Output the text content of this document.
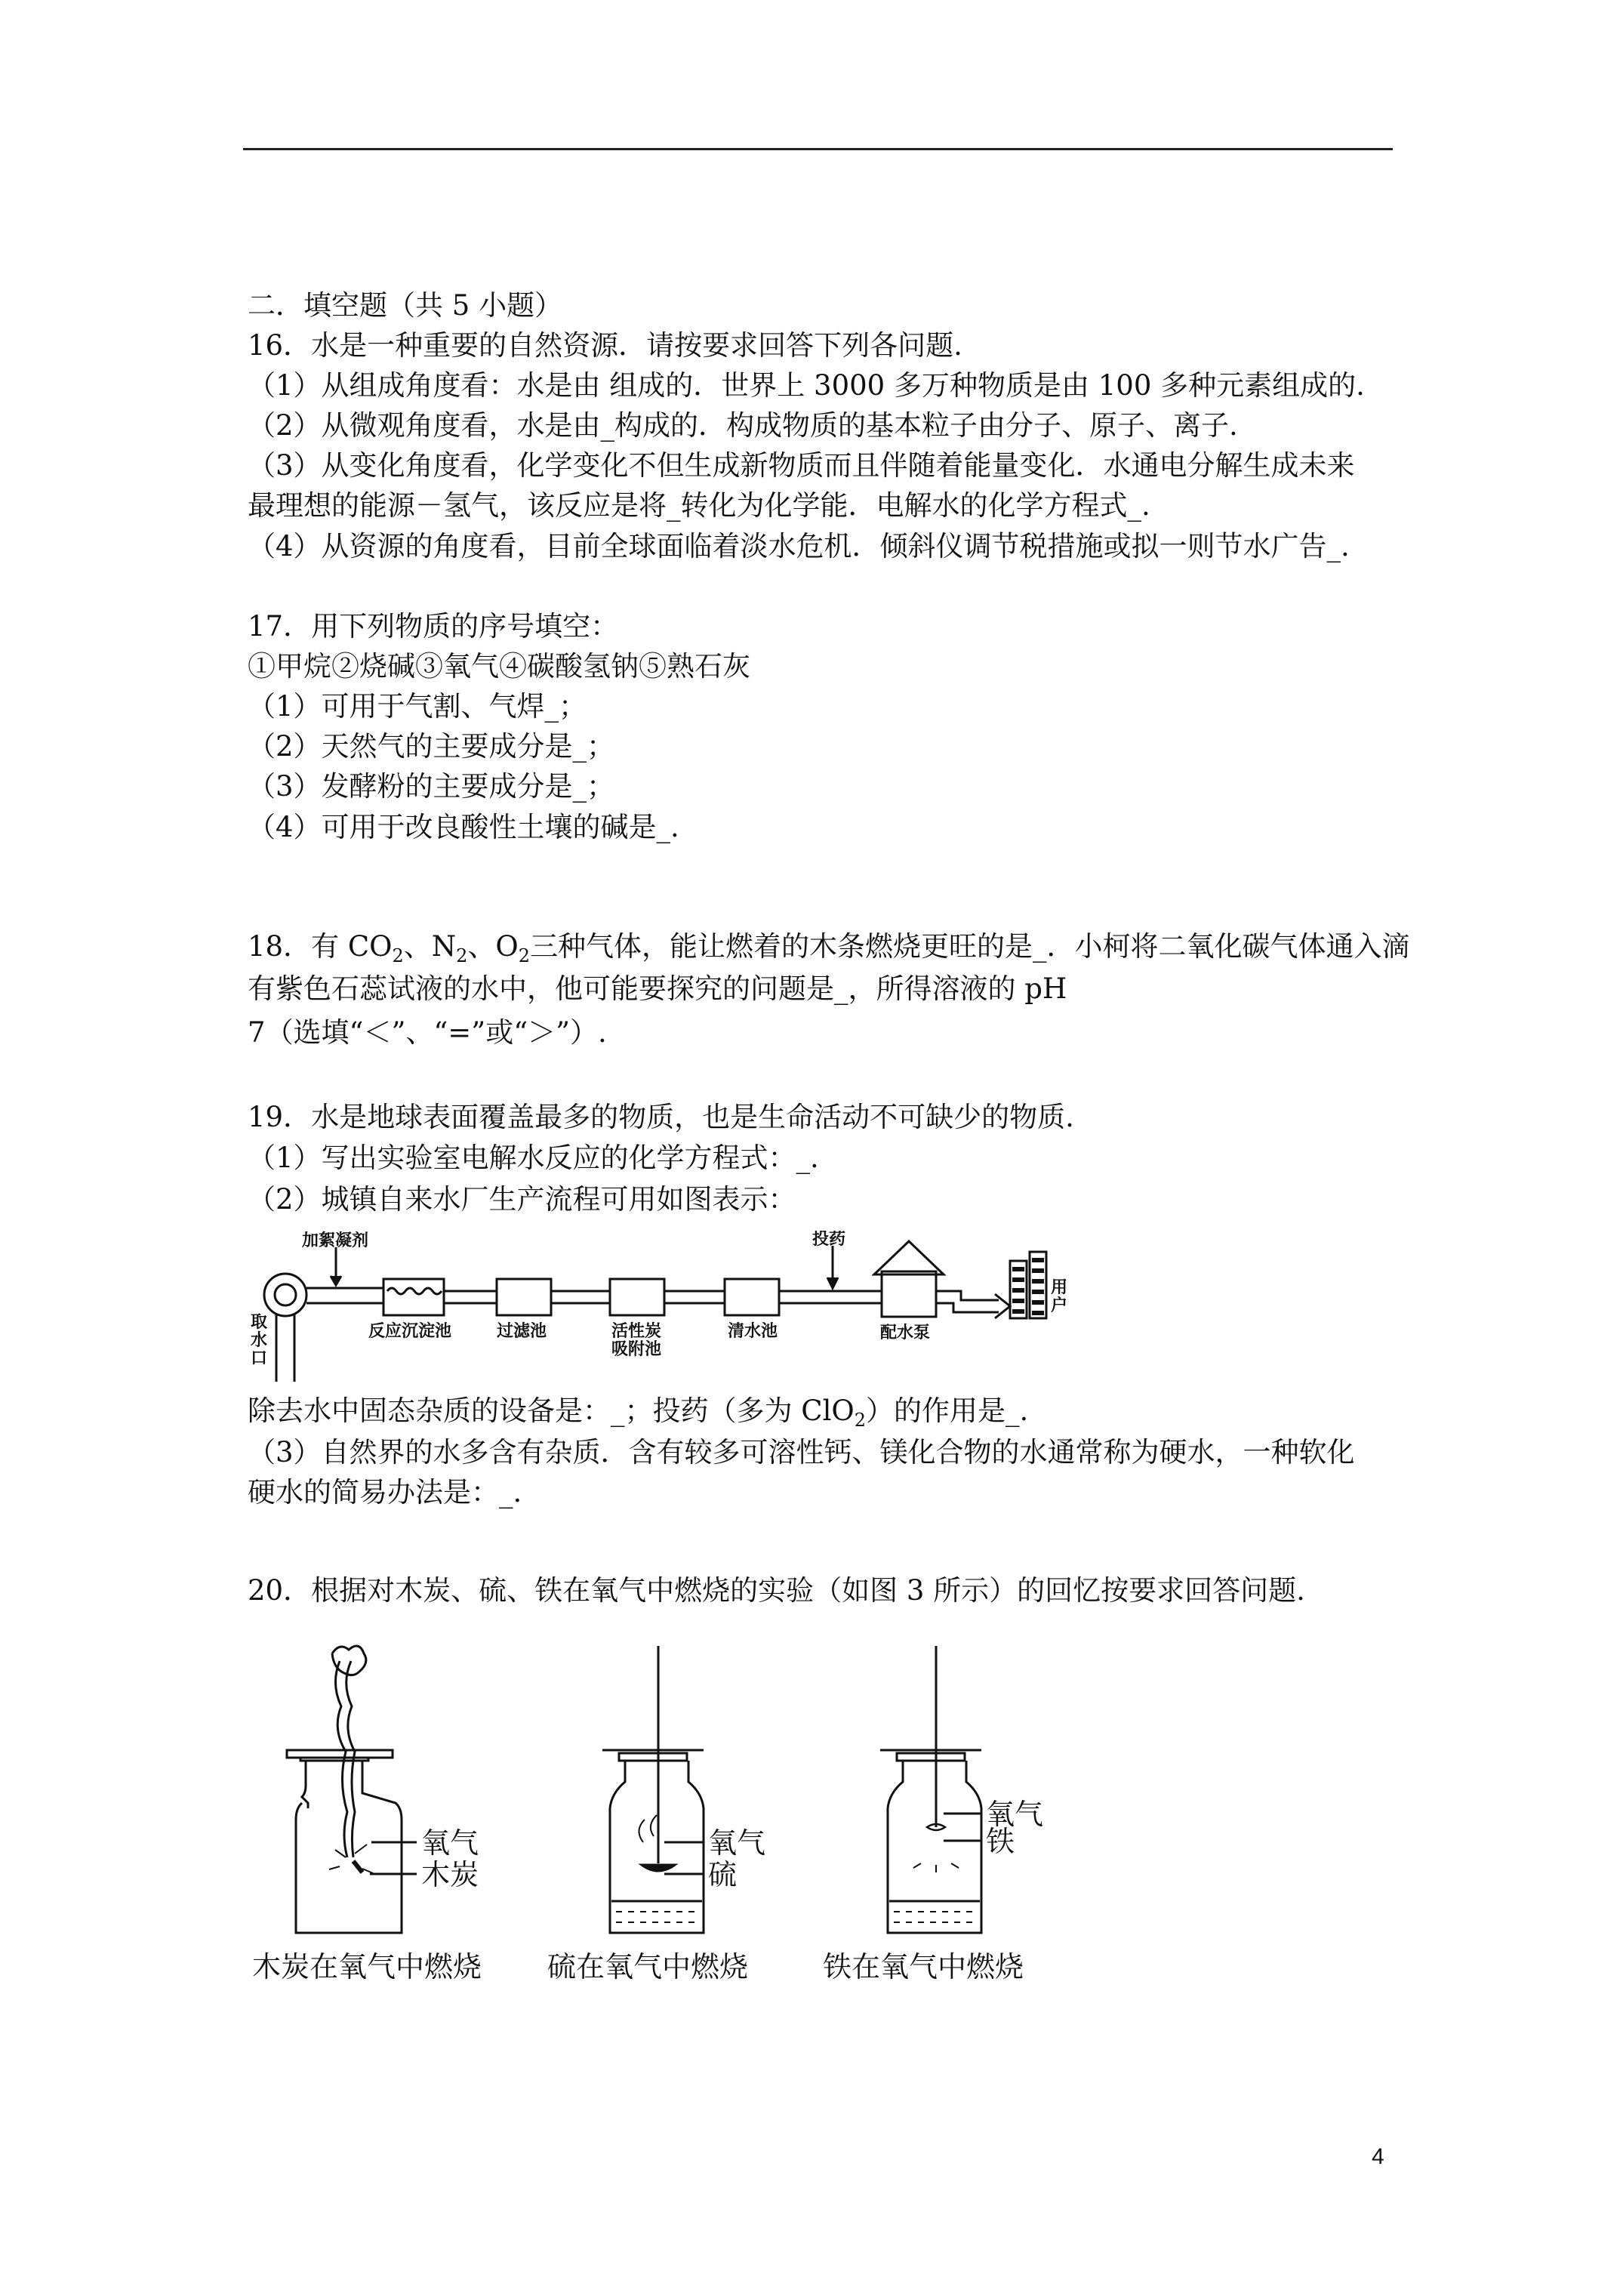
二．填空题（共 5 小题）
16．水是一种重要的自然资源．请按要求回答下列各问题.
（1）从组成角度看：水是由 组成的．世界上 3000 多万种物质是由 100 多种元素组成的.
（2）从微观角度看，水是由_构成的．构成物质的基本粒子由分子、原子、离子.
（3）从变化角度看，化学变化不但生成新物质而且伴随着能量变化．水通电分解生成未来
最理想的能源－氢气，该反应是将_转化为化学能．电解水的化学方程式_.
（4）从资源的角度看，目前全球面临着淡水危机．倾斜仪调节税措施或拟一则节水广告_.
17．用下列物质的序号填空：
①甲烷②烧碱③氧气④碳酸氢钠⑤熟石灰
（1）可用于气割、气焊_；
（2）天然气的主要成分是_；
（3）发酵粉的主要成分是_；
（4）可用于改良酸性土壤的碱是_.
18．有 $CO_2$、$N_2$、$O_2$三种气体，能让燃着的木条燃烧更旺的是_．小柯将二氧化碳气体通入滴
有紫色石蕊试液的水中，他可能要探究的问题是_，所得溶液的 pH
7（选填“＜”、“=”或“＞”）.
19．水是地球表面覆盖最多的物质，也是生命活动不可缺少的物质.
（1）写出实验室电解水反应的化学方程式：_.
（2）城镇自来水厂生产流程可用如图表示：
加絮凝剂	投药
取
水
口
反应沉淀池	过滤池	活性炭
吸附池
清水池	配水泵
用
户
除去水中固态杂质的设备是：_；投药（多为 ClO$_2$）的作用是_.
（3）自然界的水多含有杂质．含有较多可溶性钙、镁化合物的水通常称为硬水，一种软化
硬水的简易办法是：_.
20．根据对木炭、硫、铁在氧气中燃烧的实验（如图 3 所示）的回忆按要求回答问题.
氧气
木炭
氧气
硫
氧气
铁
木炭在氧气中燃烧 硫在氧气中燃烧	铁在氧气中燃烧
4
